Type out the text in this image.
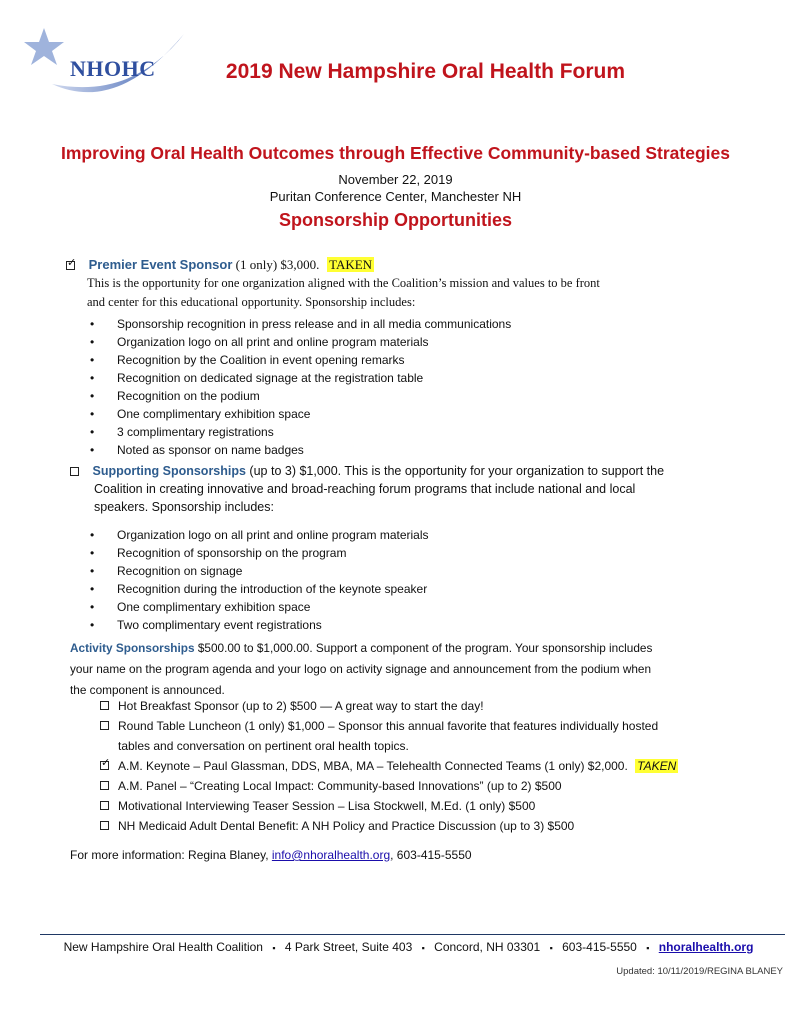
NHOHC	2019 New Hampshire Oral Health Forum
Improving Oral Health Outcomes through Effective Community-based Strategies
November 22, 2019
Puritan Conference Center, Manchester NH
Sponsorship Opportunities
✓ Premier Event Sponsor (1 only) $3,000. TAKEN
This is the opportunity for one organization aligned with the Coalition’s mission and values to be front
and center for this educational opportunity. Sponsorship includes:
• Sponsorship recognition in press release and in all media communications
• Organization logo on all print and online program materials
• Recognition by the Coalition in event opening remarks
• Recognition on dedicated signage at the registration table
• Recognition on the podium
• One complimentary exhibition space
• 3 complimentary registrations
• Noted as sponsor on name badges
Supporting Sponsorships (up to 3) $1,000. This is the opportunity for your organization to support the
Coalition in creating innovative and broad-reaching forum programs that include national and local
speakers. Sponsorship includes:
• Organization logo on all print and online program materials
• Recognition of sponsorship on the program
• Recognition on signage
• Recognition during the introduction of the keynote speaker
• One complimentary exhibition space
• Two complimentary event registrations
Activity Sponsorships $500.00 to $1,000.00. Support a component of the program. Your sponsorship includes
your name on the program agenda and your logo on activity signage and announcement from the podium when
the component is announced.
Hot Breakfast Sponsor (up to 2) $500 — A great way to start the day!
Round Table Luncheon (1 only) $1,000 – Sponsor this annual favorite that features individually hosted
tables and conversation on pertinent oral health topics.
✓
A.M. Keynote – Paul Glassman, DDS, MBA, MA – Telehealth Connected Teams (1 only) $2,000. TAKEN
A.M. Panel – “Creating Local Impact: Community-based Innovations” (up to 2) $500
Motivational Interviewing Teaser Session – Lisa Stockwell, M.Ed. (1 only) $500
NH Medicaid Adult Dental Benefit: A NH Policy and Practice Discussion (up to 3) $500
For more information: Regina Blaney, info@nhoralhealth.org, 603-415-5550
New Hampshire Oral Health Coalition ▪ 4 Park Street, Suite 403 ▪ Concord, NH 03301 ▪ 603-415-5550 ▪ nhoralhealth.org
Updated: 10/11/2019/REGINA BLANEY
